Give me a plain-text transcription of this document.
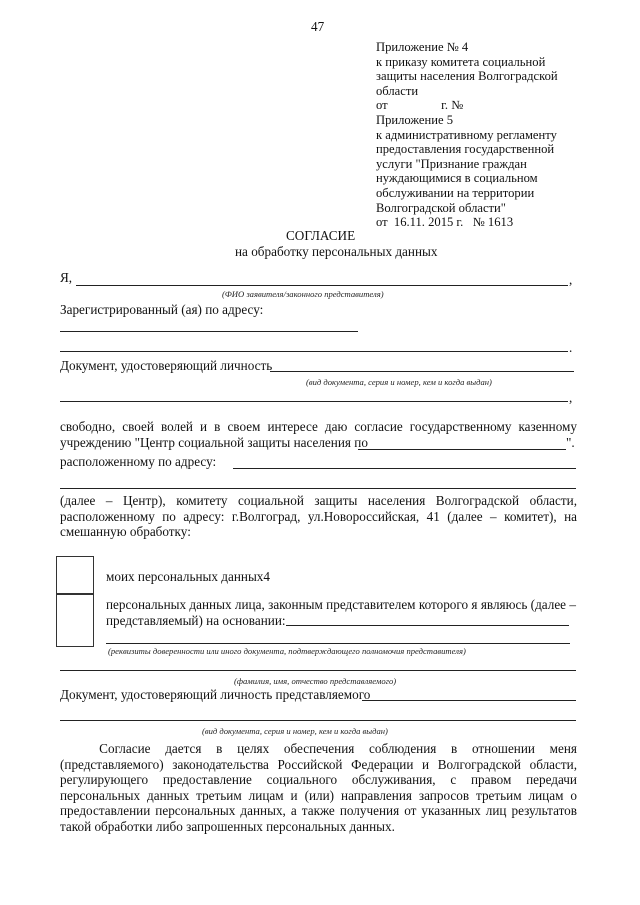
47
Приложение № 4
к приказу комитета социальной
защиты населения Волгоградской
области
от                 г. №
Приложение 5
к административному регламенту
предоставления государственной
услуги "Признание граждан
нуждающимися в социальном
обслуживании на территории
Волгоградской области"
от  16.11. 2015 г.   № 1613
СОГЛАСИЕ
на обработку персональных данных
Я,	,
(ФИО заявителя/законного представителя)
Зарегистрированный (ая) по адресу:
.
Документ, удостоверяющий личность
(вид документа, серия и номер, кем и когда выдан)
,
свободно, своей волей и в своем интересе даю согласие государственному казенному
учреждению "Центр социальной защиты населения по	".
расположенному по адресу:
(далее – Центр), комитету социальной защиты населения Волгоградской области,
расположенному по адресу: г.Волгоград, ул.Новороссийская, 41 (далее – комитет), на
смешанную обработку:
моих персональных данных4
персональных данных лица, законным представителем которого я являюсь (далее –
представляемый) на основании:
(реквизиты доверенности или иного документа, подтверждающего полномочия представителя)
(фамилия, имя, отчество представляемого)
Документ, удостоверяющий личность представляемого
(вид документа, серия и номер, кем и когда выдан)
Согласие   дается   в   целях   обеспечения   соблюдения   в   отношении   меня
(представляемого) законодательства Российской Федерации и Волгоградской области,
регулирующего   предоставление   социального   обслуживания,   с   правом   передачи
персональных данных третьим лицам и (или) направления запросов третьим лицам о
предоставлении персональных данных, а также получения от указанных лиц результатов
такой обработки либо запрошенных персональных данных.
